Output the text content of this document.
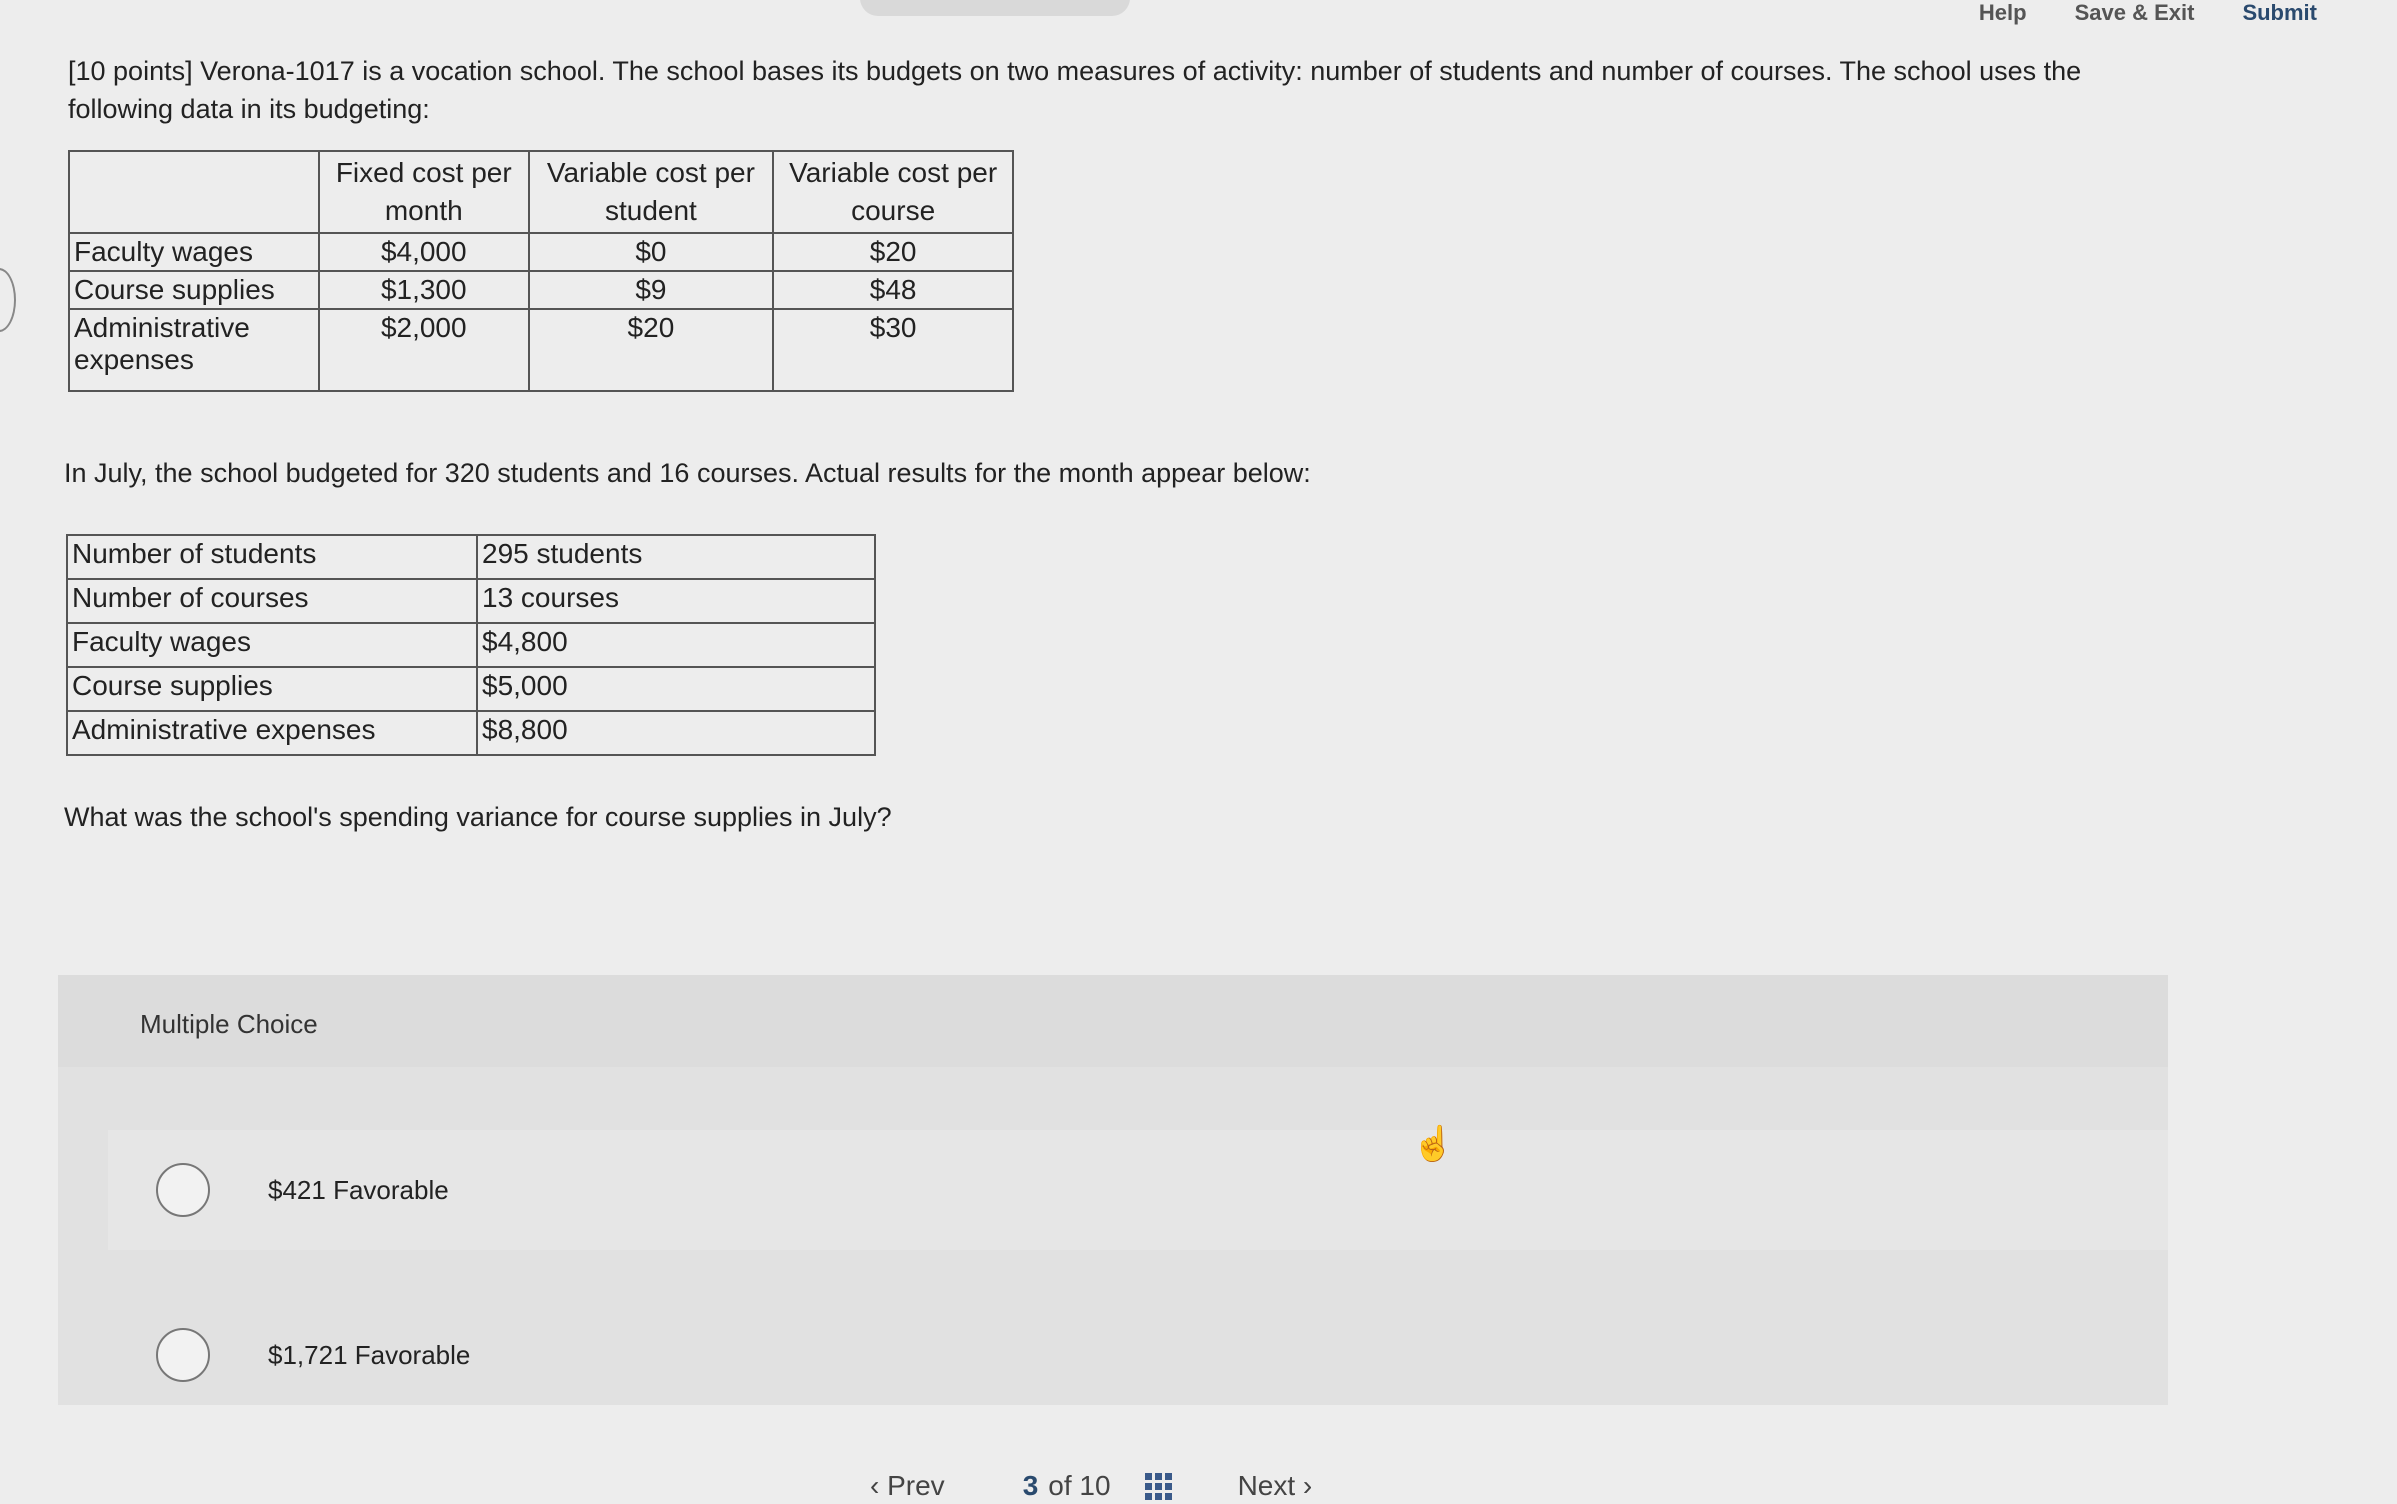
Help Save & Exit Submit
[10 points] Verona-1017 is a vocation school. The school bases its budgets on two measures of activity: number of students and number of courses. The school uses the following data in its budgeting:
	Fixed cost per month	Variable cost per student	Variable cost per course
Faculty wages	$4,000	$0	$20
Course supplies	$1,300	$9	$48
Administrative expenses	$2,000	$20	$30
In July, the school budgeted for 320 students and 16 courses. Actual results for the month appear below:
Number of students	295 students
Number of courses	13 courses
Faculty wages	$4,800
Course supplies	$5,000
Administrative expenses	$8,800
What was the school's spending variance for course supplies in July?
Multiple Choice
$421 Favorable
$1,721 Favorable
☝
‹ Prev	3 of 10	Next ›
